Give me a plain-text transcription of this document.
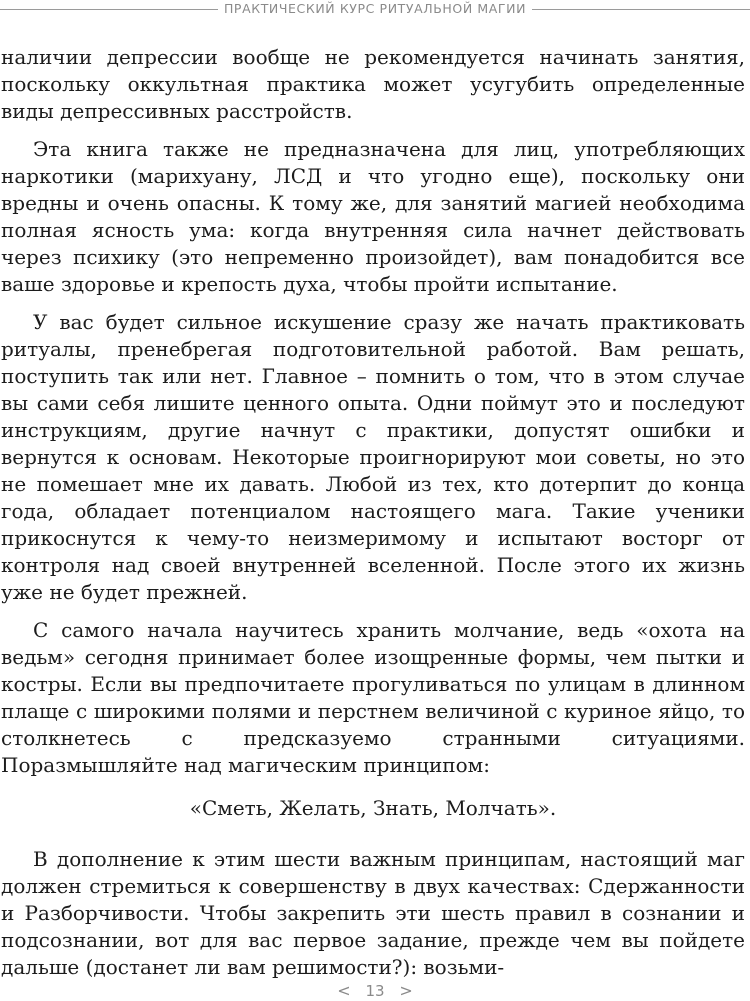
ПРАКТИЧЕСКИЙ КУРС РИТУАЛЬНОЙ МАГИИ

наличии депрессии вообще не рекомендуется начинать занятия, поскольку оккультная практика может усугубить определенные виды депрессивных расстройств.

Эта книга также не предназначена для лиц, употребляющих наркотики (марихуану, ЛСД и что угодно еще), поскольку они вредны и очень опасны. К тому же, для занятий магией необходима полная ясность ума: когда внутренняя сила начнет действовать через психику (это непременно произойдет), вам понадобится все ваше здоровье и крепость духа, чтобы пройти испытание.

У вас будет сильное искушение сразу же начать практиковать ритуалы, пренебрегая подготовительной работой. Вам решать, поступить так или нет. Главное – помнить о том, что в этом случае вы сами себя лишите ценного опыта. Одни поймут это и последуют инструкциям, другие начнут с практики, допустят ошибки и вернутся к основам. Некоторые проигнорируют мои советы, но это не помешает мне их давать. Любой из тех, кто дотерпит до конца года, обладает потенциалом настоящего мага. Такие ученики прикоснутся к чему-то неизмеримому и испытают восторг от контроля над своей внутренней вселенной. После этого их жизнь уже не будет прежней.

С самого начала научитесь хранить молчание, ведь «охота на ведьм» сегодня принимает более изощренные формы, чем пытки и костры. Если вы предпочитаете прогуливаться по улицам в длинном плаще с широкими полями и перстнем величиной с куриное яйцо, то столкнетесь с предсказуемо странными ситуациями. Поразмышляйте над магическим принципом:

«Сметь, Желать, Знать, Молчать».

В дополнение к этим шести важным принципам, настоящий маг должен стремиться к совершенству в двух качествах: Сдержанности и Разборчивости. Чтобы закрепить эти шесть правил в сознании и подсознании, вот для вас первое задание, прежде чем вы пойдете дальше (достанет ли вам решимости?): возьми-

< 13 >
